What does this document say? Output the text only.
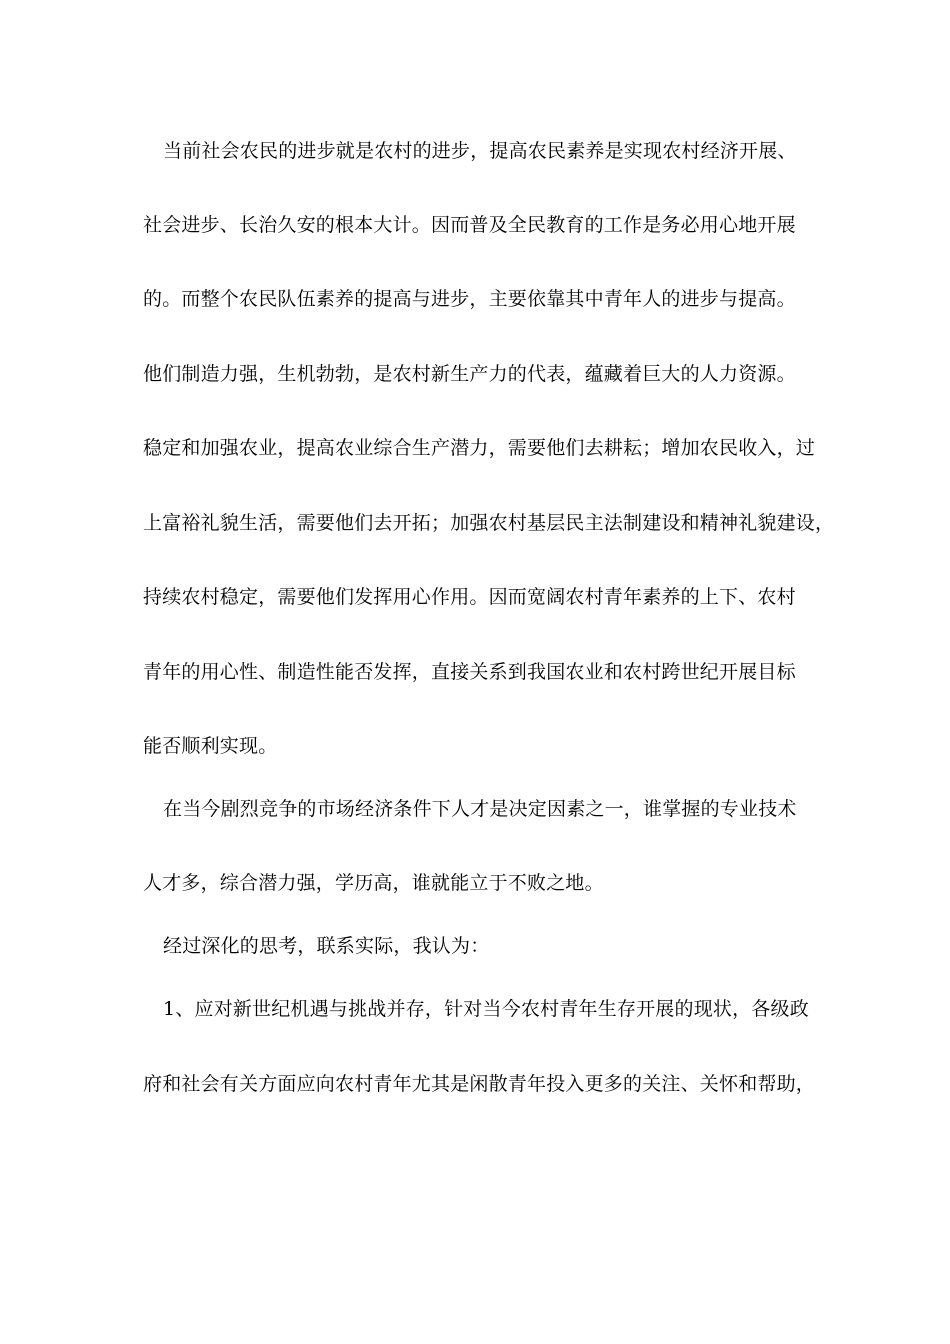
当前社会农民的进步就是农村的进步，提高农民素养是实现农村经济开展、
社会进步、长治久安的根本大计。因而普及全民教育的工作是务必用心地开展
的。而整个农民队伍素养的提高与进步，主要依靠其中青年人的进步与提高。
他们制造力强，生机勃勃，是农村新生产力的代表，蕴藏着巨大的人力资源。
稳定和加强农业，提高农业综合生产潜力，需要他们去耕耘；增加农民收入，过
上富裕礼貌生活，需要他们去开拓；加强农村基层民主法制建设和精神礼貌建设，
持续农村稳定，需要他们发挥用心作用。因而宽阔农村青年素养的上下、农村
青年的用心性、制造性能否发挥，直接关系到我国农业和农村跨世纪开展目标
能否顺利实现。
在当今剧烈竞争的市场经济条件下人才是决定因素之一，谁掌握的专业技术
人才多，综合潜力强，学历高，谁就能立于不败之地。
经过深化的思考，联系实际，我认为：
1、应对新世纪机遇与挑战并存，针对当今农村青年生存开展的现状，各级政
府和社会有关方面应向农村青年尤其是闲散青年投入更多的关注、关怀和帮助，
